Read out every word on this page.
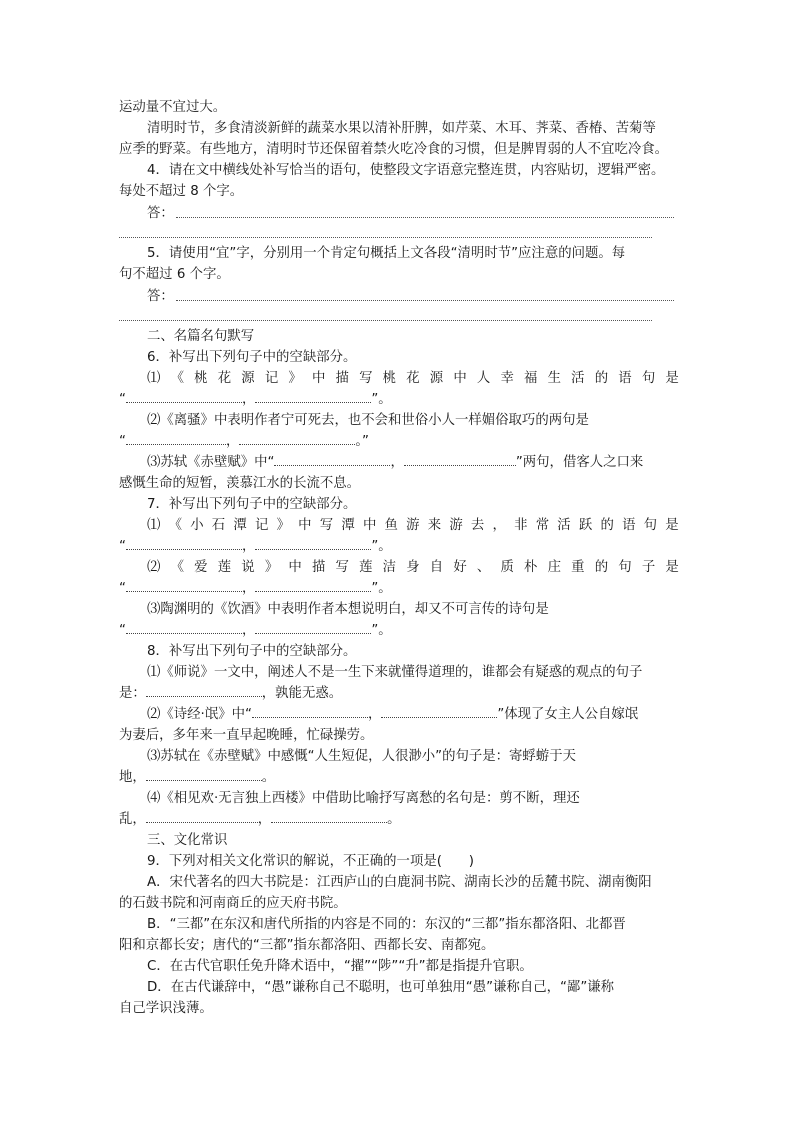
运动量不宜过大。
清明时节，多食清淡新鲜的蔬菜水果以清补肝脾，如芹菜、木耳、荠菜、香椿、苦菊等
应季的野菜。有些地方，清明时节还保留着禁火吃冷食的习惯，但是脾胃弱的人不宜吃冷食。
4．请在文中横线处补写恰当的语句，使整段文字语意完整连贯，内容贴切，逻辑严密。
每处不超过 8 个字。
答：
5．请使用“宜”字，分别用一个肯定句概括上文各段“清明时节”应注意的问题。每
句不超过 6 个字。
答：
二、名篇名句默写
6．补写出下列句子中的空缺部分。
⑴ 《 桃 花 源 记 》 中 描 写 桃 花 源 中 人 幸 福 生 活 的 语 句 是
“	，	”。
⑵《离骚》中表明作者宁可死去，也不会和世俗小人一样媚俗取巧的两句是
“	，	。”
⑶苏轼《赤壁赋》中“	，	”两句，借客人之口来
感慨生命的短暂，羡慕江水的长流不息。
7．补写出下列句子中的空缺部分。
⑴ 《 小 石 潭 记 》 中 写 潭 中 鱼 游 来 游 去 ， 非 常 活 跃 的 语 句 是
“	，	”。
⑵ 《 爱 莲 说 》 中 描 写 莲 洁 身 自 好 、 质 朴 庄 重 的 句 子 是
“	，	”。
⑶陶渊明的《饮酒》中表明作者本想说明白，却又不可言传的诗句是
“	，	”。
8．补写出下列句子中的空缺部分。
⑴《师说》一文中，阐述人不是一生下来就懂得道理的，谁都会有疑惑的观点的句子
是：	，孰能无惑。
⑵《诗经·氓》中“	，	”体现了女主人公自嫁氓
为妻后，多年来一直早起晚睡，忙碌操劳。
⑶苏轼在《赤壁赋》中感慨“人生短促，人很渺小”的句子是：寄蜉蝣于天
地，	。
⑷《相见欢·无言独上西楼》中借助比喻抒写离愁的名句是：剪不断，理还
乱，	，	。
三、文化常识
9．下列对相关文化常识的解说，不正确的一项是(　　)
A．宋代著名的四大书院是：江西庐山的白鹿洞书院、湖南长沙的岳麓书院、湖南衡阳
的石鼓书院和河南商丘的应天府书院。
B．“三都”在东汉和唐代所指的内容是不同的：东汉的“三都”指东都洛阳、北都晋
阳和京都长安；唐代的“三都”指东都洛阳、西都长安、南都宛。
C．在古代官职任免升降术语中，“擢”“陟”“升”都是指提升官职。
D．在古代谦辞中，“愚”谦称自己不聪明，也可单独用“愚”谦称自己，“鄙”谦称
自己学识浅薄。
